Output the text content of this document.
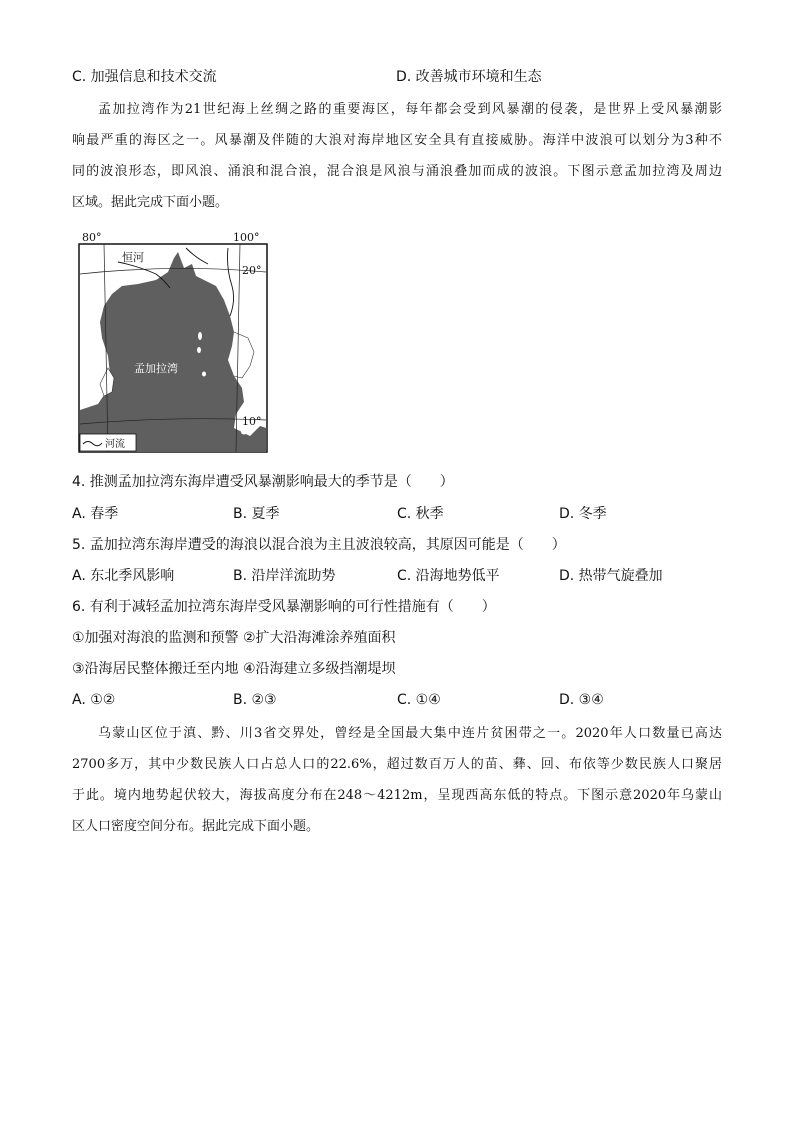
C. 加强信息和技术交流	D. 改善城市环境和生态
孟加拉湾作为21世纪海上丝绸之路的重要海区，每年都会受到风暴潮的侵袭，是世界上受风暴潮影
响最严重的海区之一。风暴潮及伴随的大浪对海岸地区安全具有直接威胁。海洋中波浪可以划分为3种不
同的波浪形态，即风浪、涌浪和混合浪，混合浪是风浪与涌浪叠加而成的波浪。下图示意孟加拉湾及周边
区域。据此完成下面小题。
80°	100°
20°
10°
恒河
孟加拉湾
河流
4. 推测孟加拉湾东海岸遭受风暴潮影响最大的季节是（　　）
A. 春季	B. 夏季	C. 秋季	D. 冬季
5. 孟加拉湾东海岸遭受的海浪以混合浪为主且波浪较高，其原因可能是（　　）
A. 东北季风影响	B. 沿岸洋流助势	C. 沿海地势低平	D. 热带气旋叠加
6. 有利于减轻孟加拉湾东海岸受风暴潮影响的可行性措施有（　　）
①加强对海浪的监测和预警 ②扩大沿海滩涂养殖面积
③沿海居民整体搬迁至内地 ④沿海建立多级挡潮堤坝
A. ①②	B. ②③	C. ①④	D. ③④
乌蒙山区位于滇、黔、川3省交界处，曾经是全国最大集中连片贫困带之一。2020年人口数量已高达
2700多万，其中少数民族人口占总人口的22.6%，超过数百万人的苗、彝、回、布依等少数民族人口聚居
于此。境内地势起伏较大，海拔高度分布在248～4212m，呈现西高东低的特点。下图示意2020年乌蒙山
区人口密度空间分布。据此完成下面小题。
